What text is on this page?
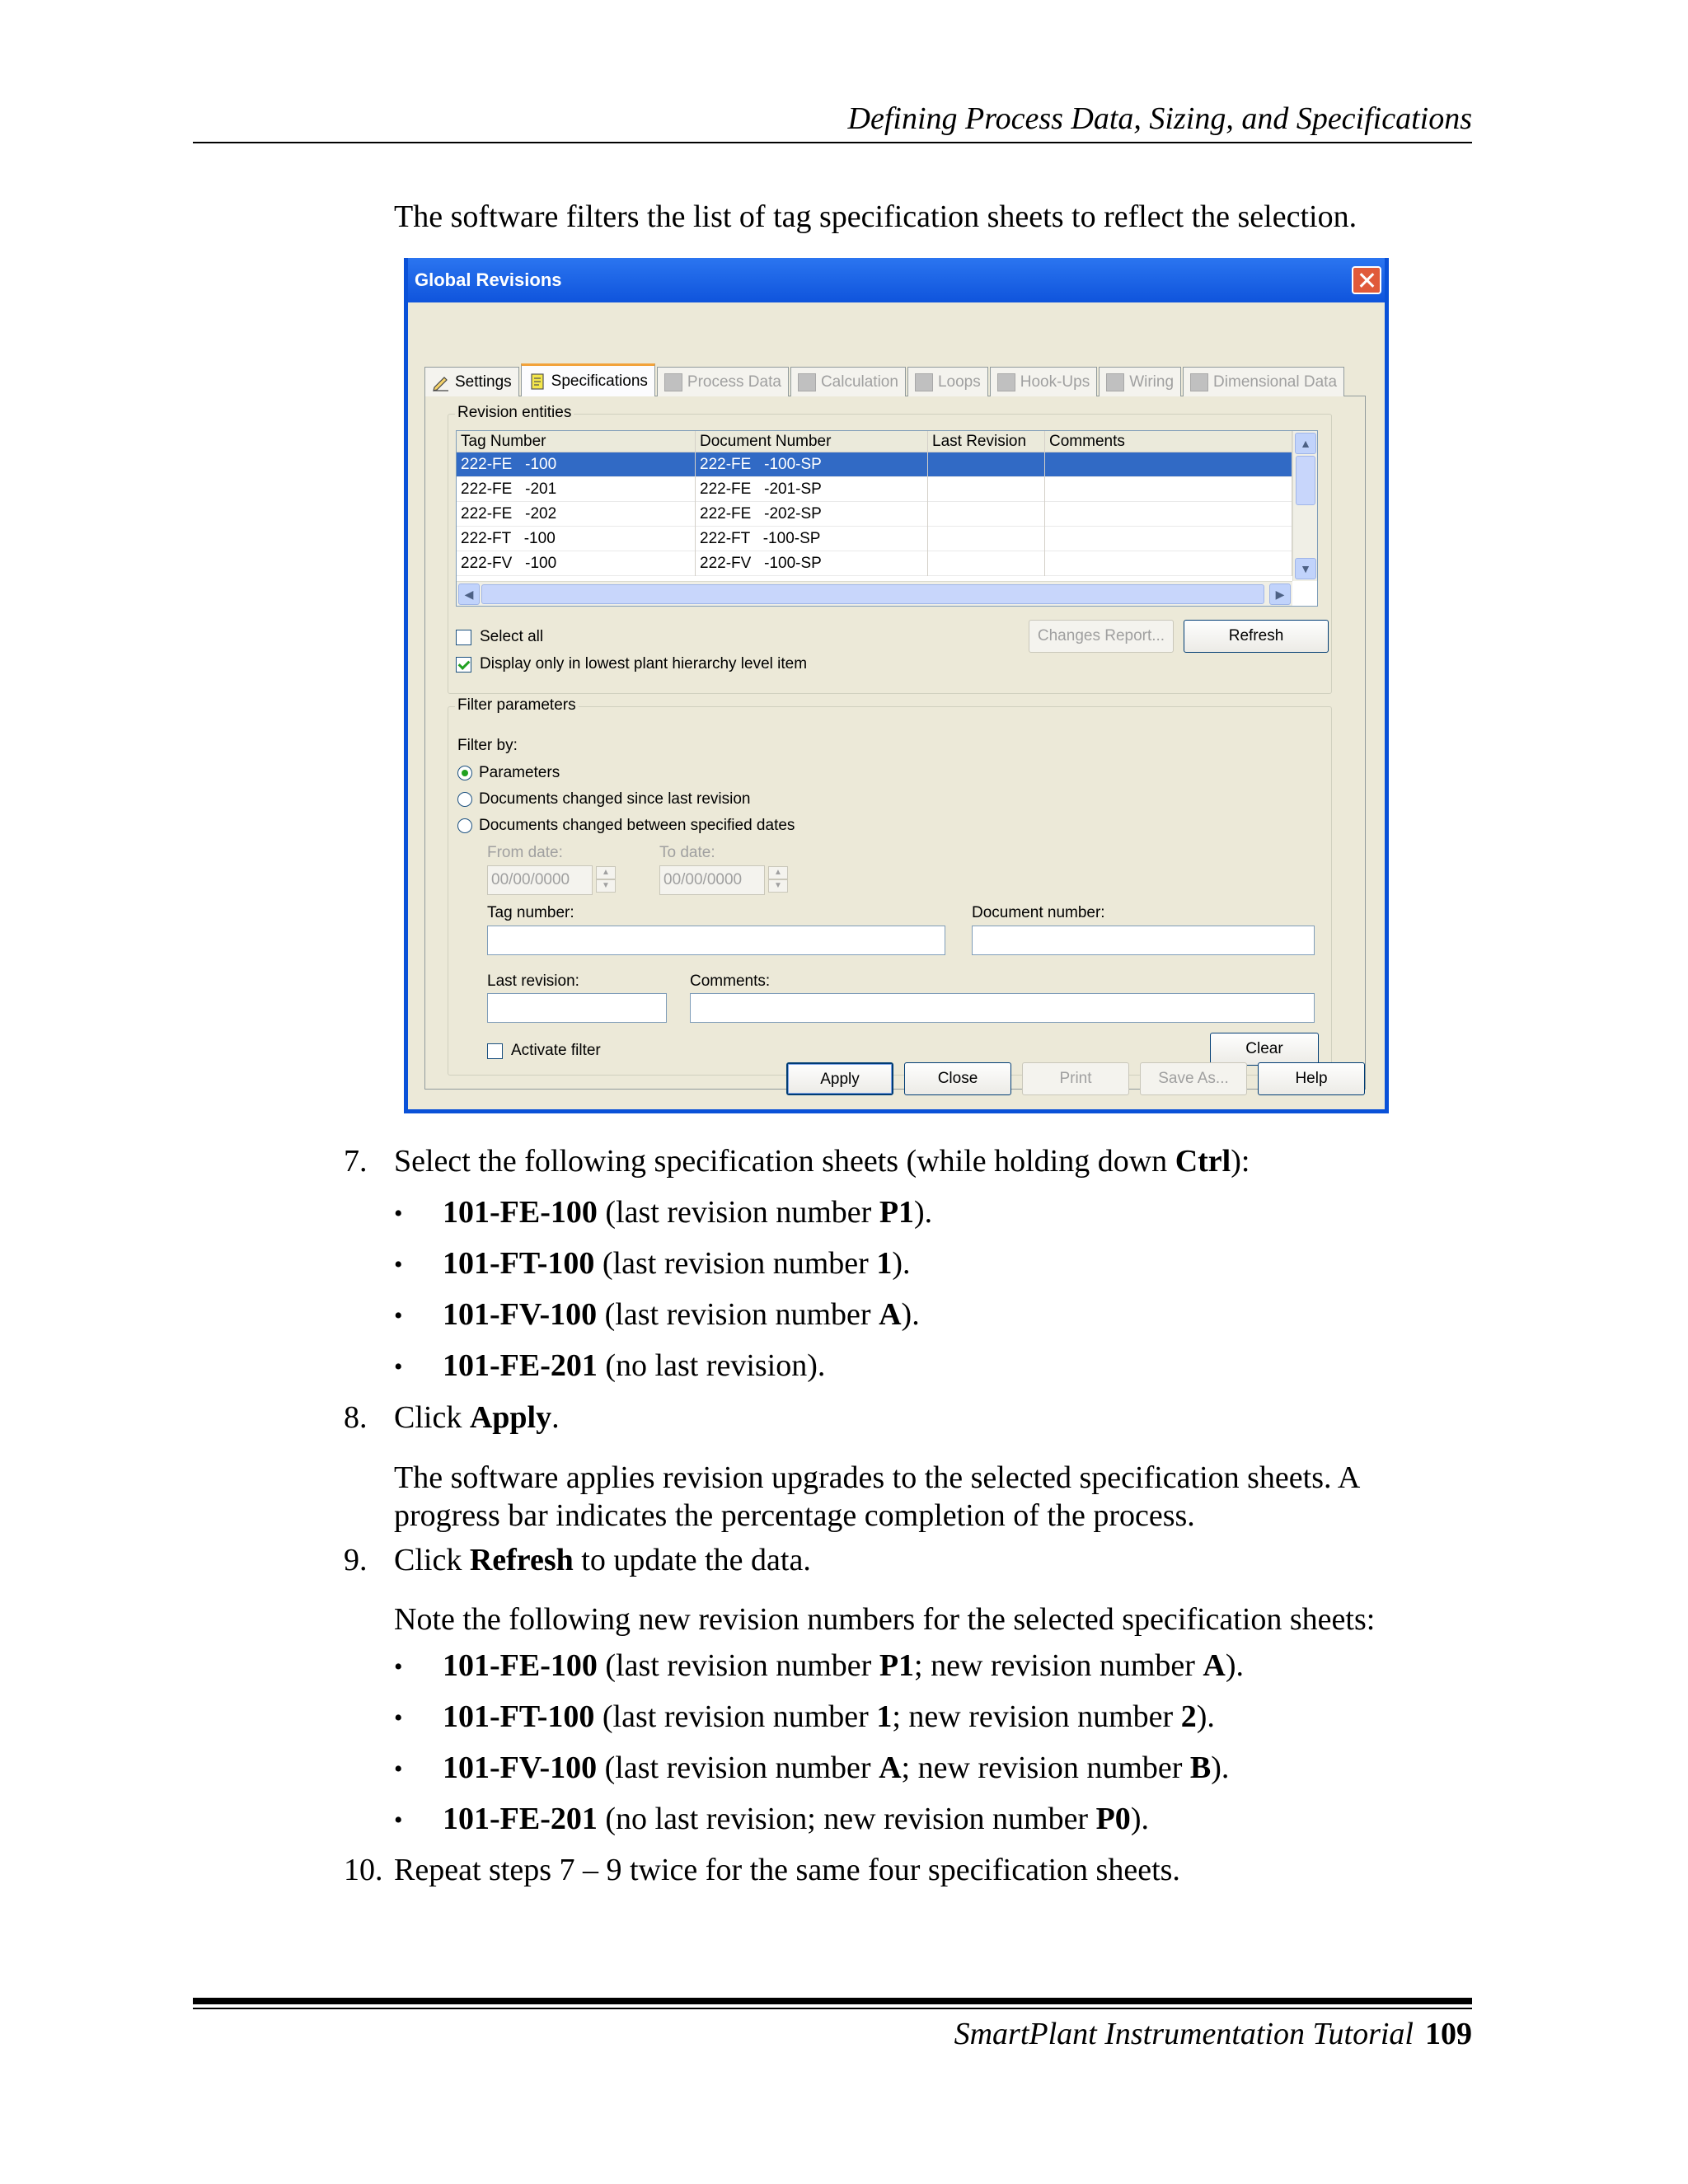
Defining Process Data, Sizing, and Specifications
The software filters the list of tag specification sheets to reflect the selection.
Global Revisions
Settings	Specifications	Process Data	Calculation	Loops	Hook-Ups	Wiring	Dimensional Data
Revision entities
Tag Number	Document Number	Last Revision	Comments
222-FE   -100	222-FE   -100-SP
222-FE   -201	222-FE   -201-SP
222-FE   -202	222-FE   -202-SP
222-FT   -100	222-FT   -100-SP
222-FV   -100	222-FV   -100-SP
▲
▼
◀	▶
Select all
Display only in lowest plant hierarchy level item
Changes Report...	Refresh
Filter parameters
Filter by:
Parameters
Documents changed since last revision
Documents changed between specified dates
From date:	To date:
00/00/0000	▲
▼	00/00/0000	▲
▼
Tag number:	Document number:
Last revision:	Comments:
Activate filter	Clear
Apply	Close	Print	Save As...	Help
7. Select the following specification sheets (while holding down Ctrl):
• 101-FE-100 (last revision number P1).
• 101-FT-100 (last revision number 1).
• 101-FV-100 (last revision number A).
• 101-FE-201 (no last revision).
8. Click Apply.
The software applies revision upgrades to the selected specification sheets. A
progress bar indicates the percentage completion of the process.
9. Click Refresh to update the data.
Note the following new revision numbers for the selected specification sheets:
• 101-FE-100 (last revision number P1; new revision number A).
• 101-FT-100 (last revision number 1; new revision number 2).
• 101-FV-100 (last revision number A; new revision number B).
• 101-FE-201 (no last revision; new revision number P0).
10. Repeat steps 7 – 9 twice for the same four specification sheets.
SmartPlant Instrumentation Tutorial 109
